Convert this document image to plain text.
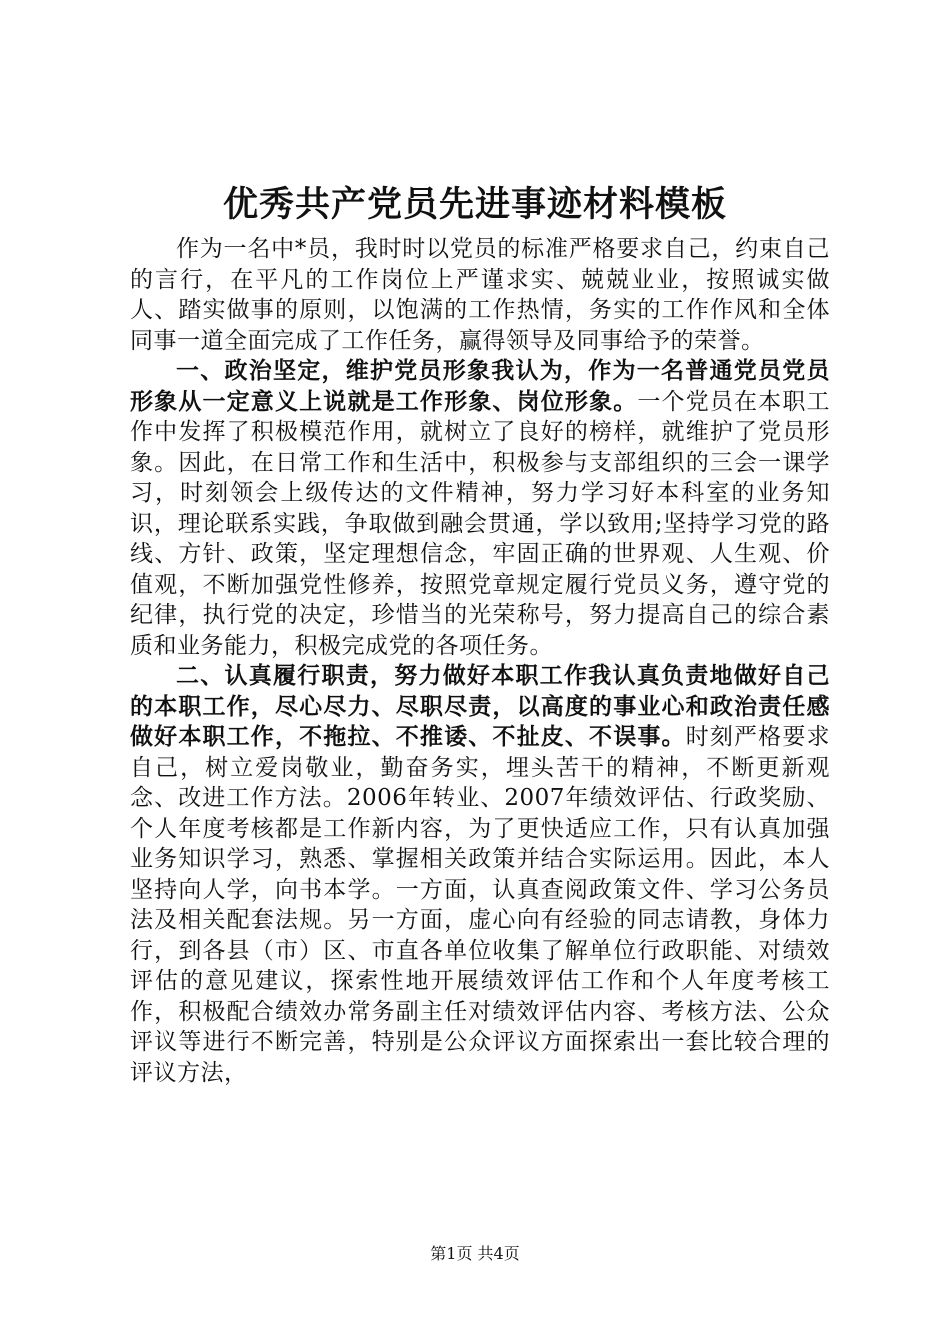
优秀共产党员先进事迹材料模板

作为一名中*员，我时时以党员的标准严格要求自己，约束自己的言行，在平凡的工作岗位上严谨求实、兢兢业业，按照诚实做人、踏实做事的原则，以饱满的工作热情，务实的工作作风和全体同事一道全面完成了工作任务，赢得领导及同事给予的荣誉。

一、政治坚定，维护党员形象我认为，作为一名普通党员党员形象从一定意义上说就是工作形象、岗位形象。一个党员在本职工作中发挥了积极模范作用，就树立了良好的榜样，就维护了党员形象。因此，在日常工作和生活中，积极参与支部组织的三会一课学习，时刻领会上级传达的文件精神，努力学习好本科室的业务知识，理论联系实践，争取做到融会贯通，学以致用;坚持学习党的路线、方针、政策，坚定理想信念，牢固正确的世界观、人生观、价值观，不断加强党性修养，按照党章规定履行党员义务，遵守党的纪律，执行党的决定，珍惜当的光荣称号，努力提高自己的综合素质和业务能力，积极完成党的各项任务。

二、认真履行职责，努力做好本职工作我认真负责地做好自己的本职工作，尽心尽力、尽职尽责，以高度的事业心和政治责任感做好本职工作，不拖拉、不推诿、不扯皮、不误事。时刻严格要求自己，树立爱岗敬业，勤奋务实，埋头苦干的精神，不断更新观念、改进工作方法。2006年转业、2007年绩效评估、行政奖励、个人年度考核都是工作新内容，为了更快适应工作，只有认真加强业务知识学习，熟悉、掌握相关政策并结合实际运用。因此，本人坚持向人学，向书本学。一方面，认真查阅政策文件、学习公务员法及相关配套法规。另一方面，虚心向有经验的同志请教，身体力行，到各县（市）区、市直各单位收集了解单位行政职能、对绩效评估的意见建议，探索性地开展绩效评估工作和个人年度考核工作，积极配合绩效办常务副主任对绩效评估内容、考核方法、公众评议等进行不断完善，特别是公众评议方面探索出一套比较合理的评议方法，

第1页 共4页
